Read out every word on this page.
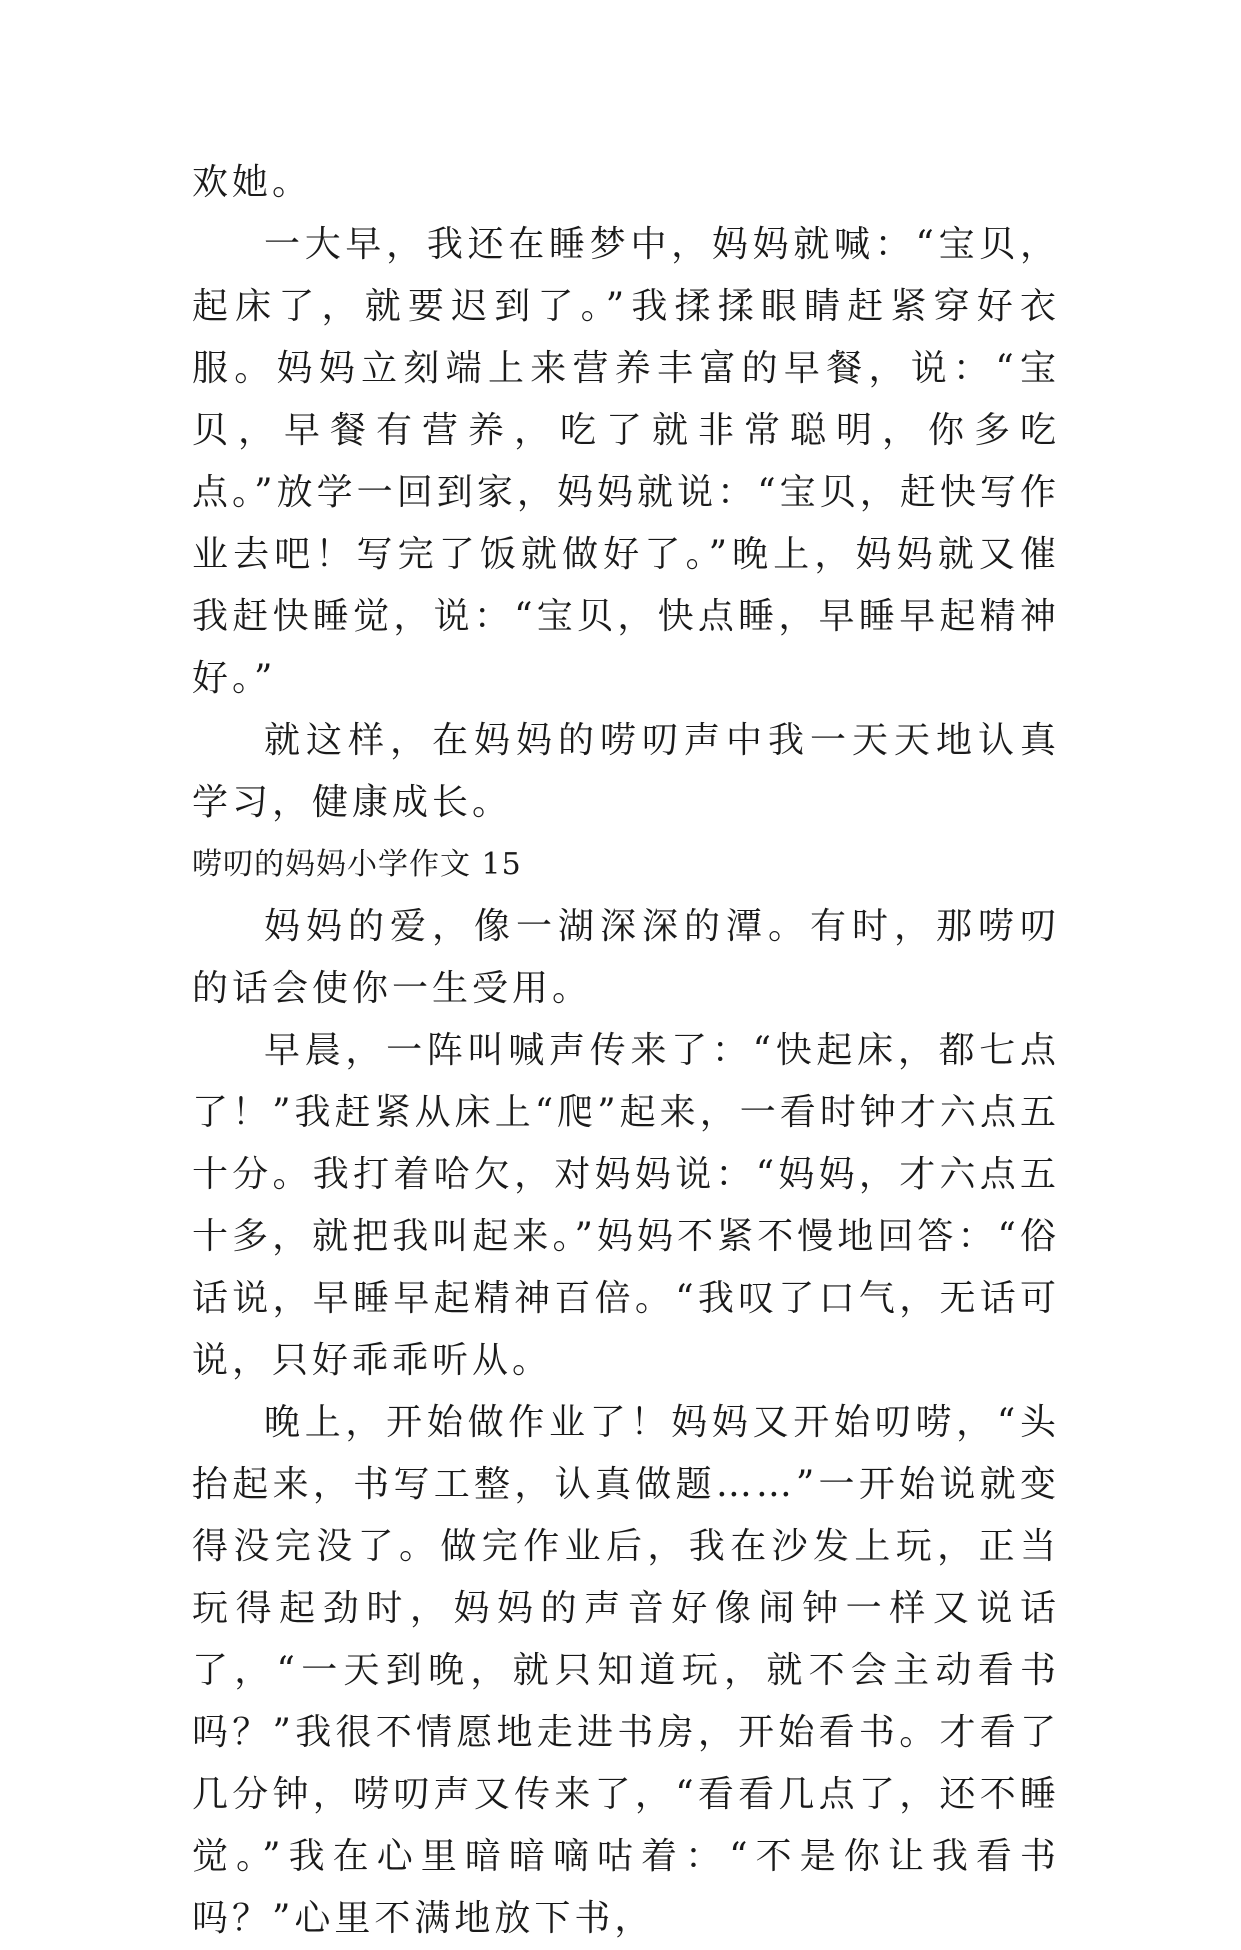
欢她。

一大早，我还在睡梦中，妈妈就喊：“宝贝，起床了，就要迟到了。”我揉揉眼睛赶紧穿好衣服。妈妈立刻端上来营养丰富的早餐，说：“宝贝，早餐有营养，吃了就非常聪明，你多吃点。”放学一回到家，妈妈就说：“宝贝，赶快写作业去吧！写完了饭就做好了。”晚上，妈妈就又催我赶快睡觉，说：“宝贝，快点睡，早睡早起精神好。”

就这样，在妈妈的唠叨声中我一天天地认真学习，健康成长。

唠叨的妈妈小学作文 15

妈妈的爱，像一湖深深的潭。有时，那唠叨的话会使你一生受用。

早晨，一阵叫喊声传来了：“快起床，都七点了！”我赶紧从床上“爬”起来，一看时钟才六点五十分。我打着哈欠，对妈妈说：“妈妈，才六点五十多，就把我叫起来。”妈妈不紧不慢地回答：“俗话说，早睡早起精神百倍。“我叹了口气，无话可说，只好乖乖听从。

晚上，开始做作业了！妈妈又开始叨唠，“头抬起来，书写工整，认真做题……”一开始说就变得没完没了。做完作业后，我在沙发上玩，正当玩得起劲时，妈妈的声音好像闹钟一样又说话了，“一天到晚，就只知道玩，就不会主动看书吗？”我很不情愿地走进书房，开始看书。才看了几分钟，唠叨声又传来了，“看看几点了，还不睡觉。”我在心里暗暗嘀咕着：“不是你让我看书吗？”心里不满地放下书，
